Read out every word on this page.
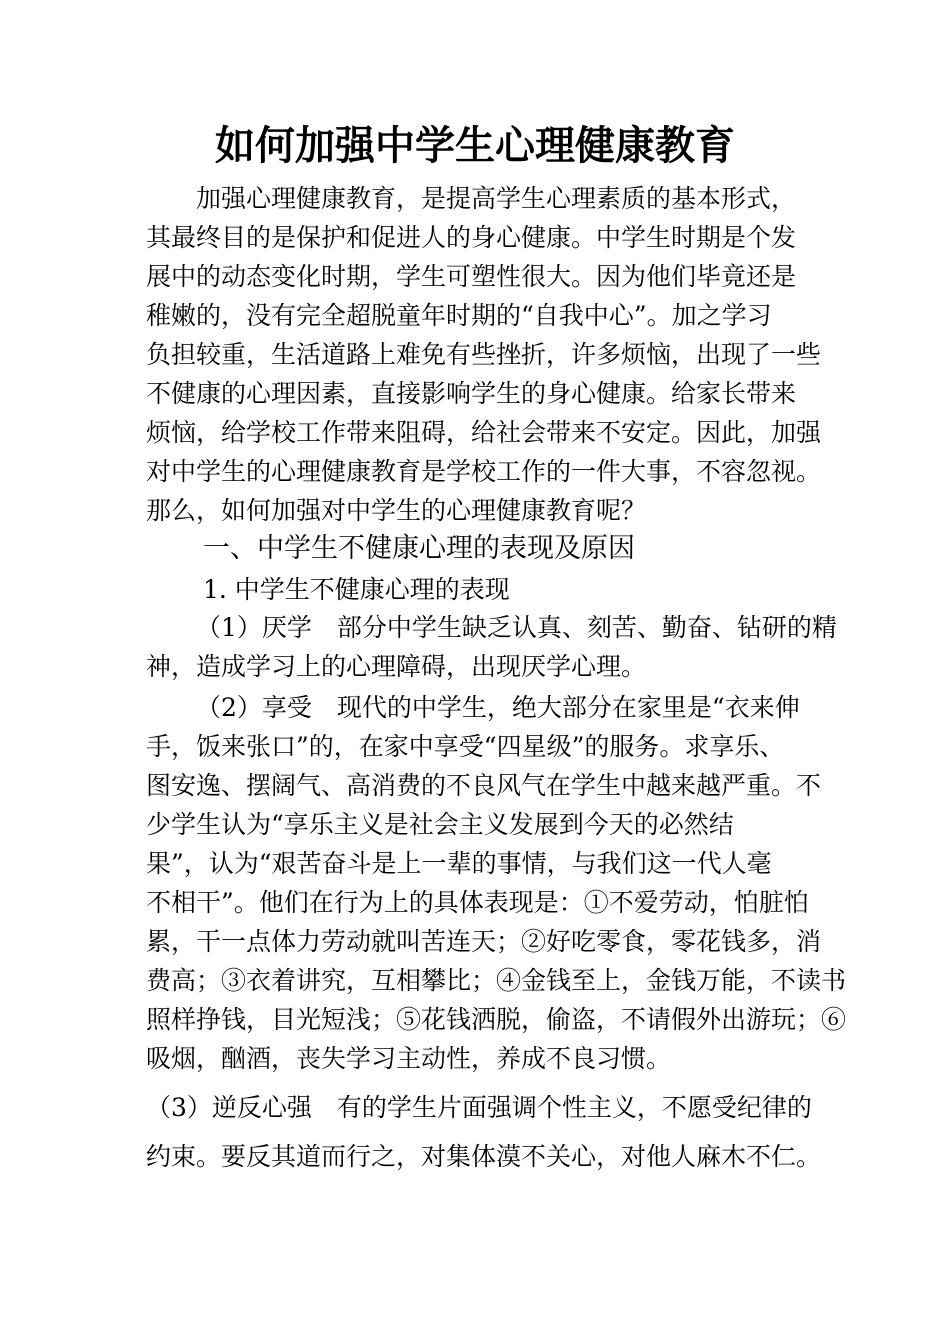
如何加强中学生心理健康教育

加强心理健康教育，是提高学生心理素质的基本形式，

其最终目的是保护和促进人的身心健康。中学生时期是个发

展中的动态变化时期，学生可塑性很大。因为他们毕竟还是

稚嫩的，没有完全超脱童年时期的“自我中心”。加之学习

负担较重，生活道路上难免有些挫折，许多烦恼，出现了一些

不健康的心理因素，直接影响学生的身心健康。给家长带来

烦恼，给学校工作带来阻碍，给社会带来不安定。因此，加强

对中学生的心理健康教育是学校工作的一件大事，不容忽视。

那么，如何加强对中学生的心理健康教育呢？

一、中学生不健康心理的表现及原因

1. 中学生不健康心理的表现

（1）厌学　部分中学生缺乏认真、刻苦、勤奋、钻研的精

神，造成学习上的心理障碍，出现厌学心理。

（2）享受　现代的中学生，绝大部分在家里是“衣来伸

手，饭来张口”的，在家中享受“四星级”的服务。求享乐、

图安逸、摆阔气、高消费的不良风气在学生中越来越严重。不

少学生认为“享乐主义是社会主义发展到今天的必然结

果”，认为“艰苦奋斗是上一辈的事情，与我们这一代人毫

不相干”。他们在行为上的具体表现是：①不爱劳动，怕脏怕

累，干一点体力劳动就叫苦连天；②好吃零食，零花钱多，消

费高；③衣着讲究，互相攀比；④金钱至上，金钱万能，不读书

照样挣钱，目光短浅；⑤花钱洒脱，偷盗，不请假外出游玩；⑥

吸烟，酗酒，丧失学习主动性，养成不良习惯。

（3）逆反心强　有的学生片面强调个性主义，不愿受纪律的

约束。要反其道而行之，对集体漠不关心，对他人麻木不仁。
